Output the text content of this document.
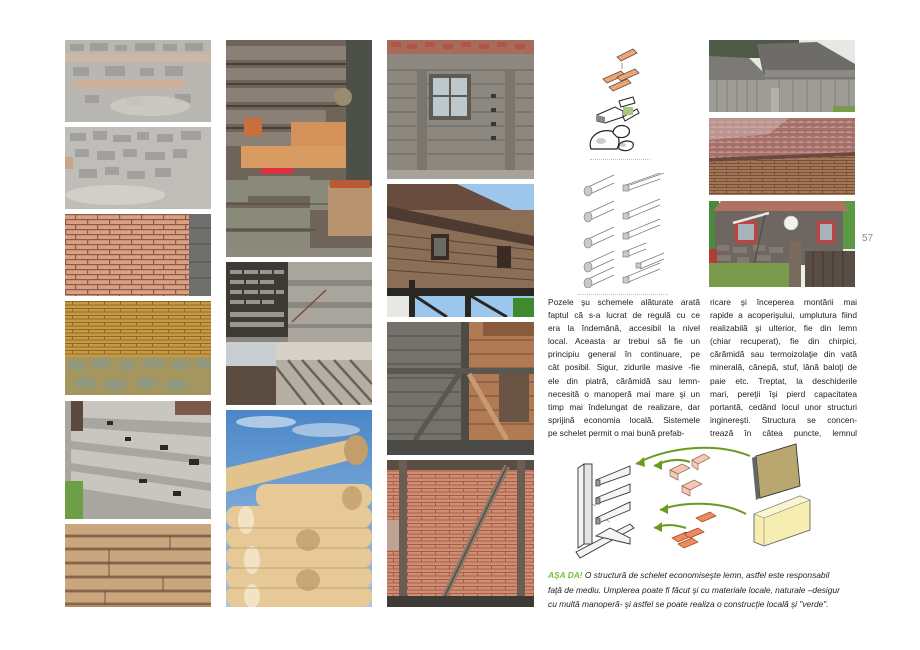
Pozele şu schemele alăturate arată
faptul că s-a lucrat de regulă cu ce
era la îndemână, accesibil la nivel
local. Aceasta ar trebui să fie un
principiu general în continuare, pe
cât posibil. Sigur, zidurile masive -fie
ele din piatră, cărămidă sau lemn-
necesită o manoperă mai mare şi un
timp mai îndelungat de realizare, dar
sprijină economia locală. Sistemele
pe schelet permit o mai bună prefab-
57
ricare şi începerea montării mai
rapide a acoperişului, umplutura fiind
realizabilă şi ulterior, fie din lemn
(chiar recuperat), fie din chirpici,
cărămidă sau termoizolaţie din vată
minerală, cânepă, stuf, lână baloţi de
paie etc. Treptat, la deschiderile
mari, pereţii îşi pierd capacitatea
portantă, cedând locul unor structuri
inginereşti. Structura se concen-
trează în câtea puncte, lemnul
AŞA DA! O structură de schelet economiseşte lemn, astfel este responsabil
faţă de mediu. Umplerea poate fi făcut şi cu materiale locale, naturale –desigur
cu multă manoperă- şi astfel se poate realiza o construcţie locală şi "verde".
